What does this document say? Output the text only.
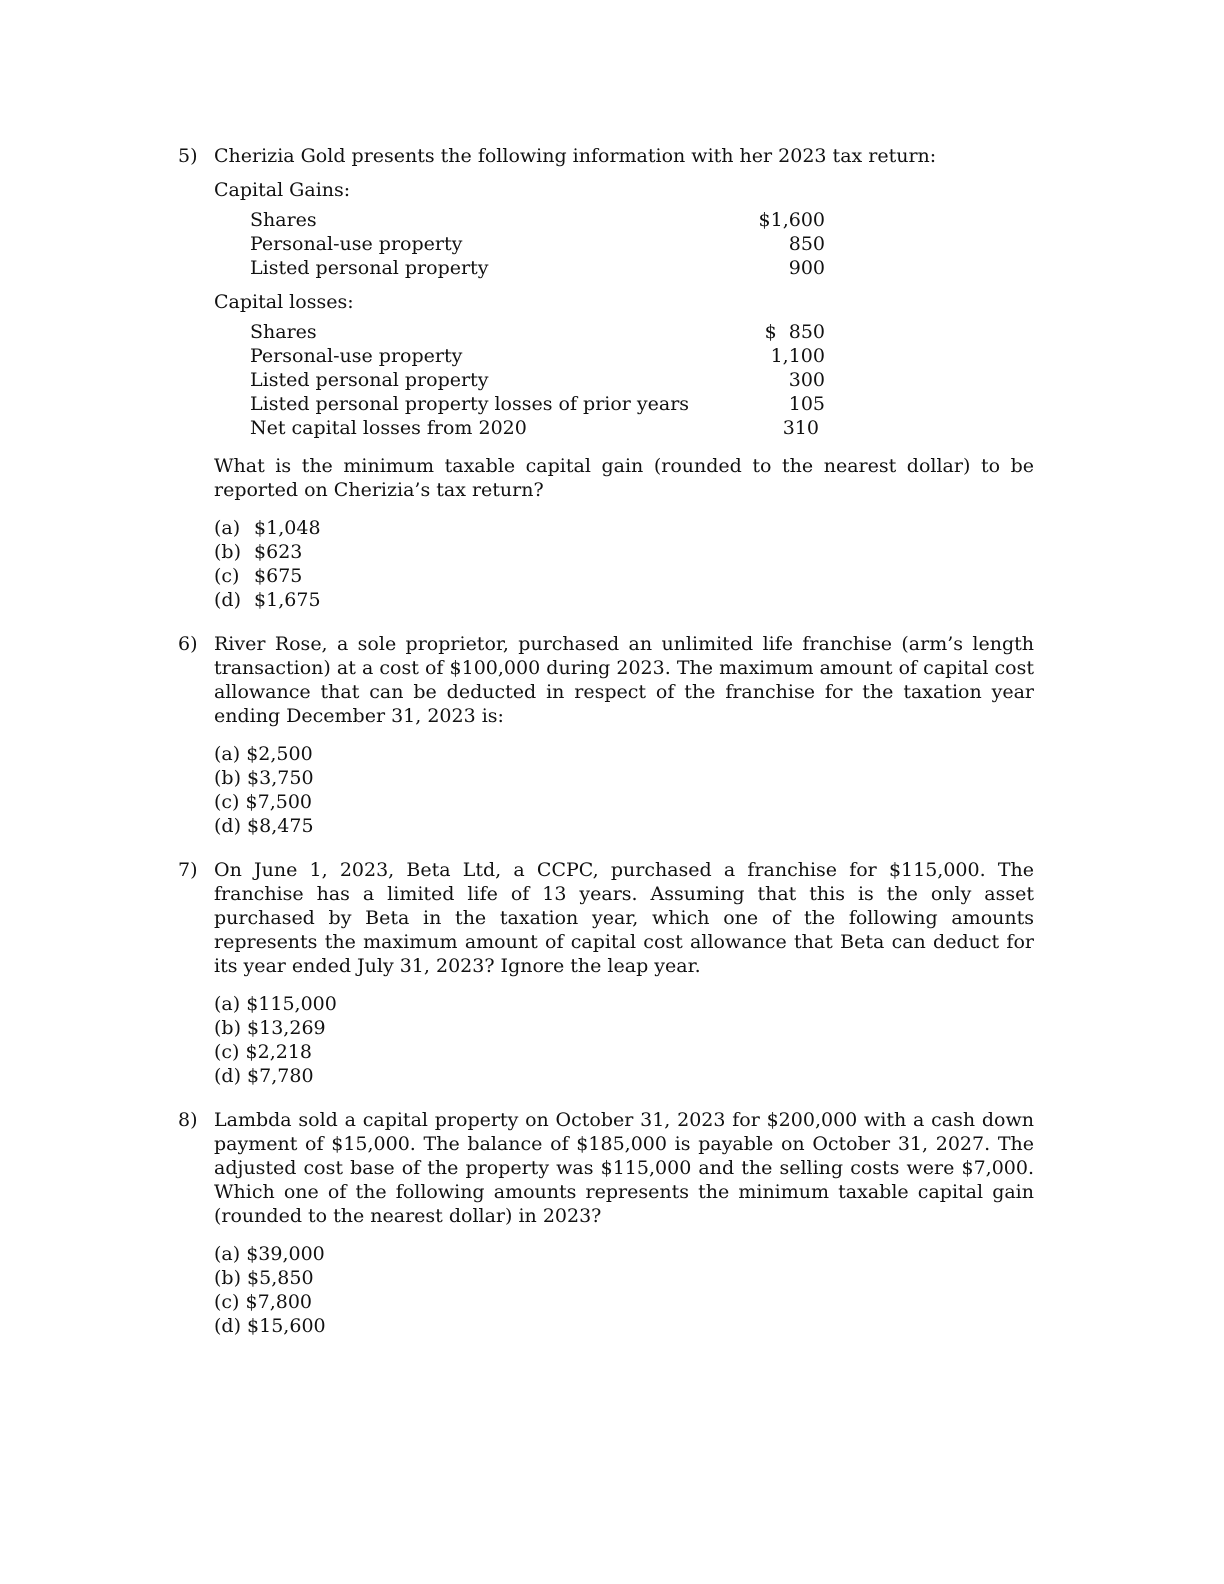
5) Cherizia Gold presents the following information with her 2023 tax return:
Capital Gains:
Shares	$1,600
Personal-use property	850
Listed personal property	900
Capital losses:
Shares	$  850
Personal-use property	1,100
Listed personal property	300
Listed personal property losses of prior years	105
Net capital losses from 2020	310
What is the minimum taxable capital gain (rounded to the nearest dollar) to be reported on Cherizia’s tax return?
(a) $1,048
(b) $623
(c) $675
(d) $1,675
6) River Rose, a sole proprietor, purchased an unlimited life franchise (arm’s length transaction) at a cost of $100,000 during 2023. The maximum amount of capital cost allowance that can be deducted in respect of the franchise for the taxation year ending December 31, 2023 is:
(a) $2,500
(b) $3,750
(c) $7,500
(d) $8,475
7) On June 1, 2023, Beta Ltd, a CCPC, purchased a franchise for $115,000. The franchise has a limited life of 13 years. Assuming that this is the only asset purchased by Beta in the taxation year, which one of the following amounts represents the maximum amount of capital cost allowance that Beta can deduct for its year ended July 31, 2023? Ignore the leap year.
(a) $115,000
(b) $13,269
(c) $2,218
(d) $7,780
8) Lambda sold a capital property on October 31, 2023 for $200,000 with a cash down payment of $15,000. The balance of $185,000 is payable on October 31, 2027. The adjusted cost base of the property was $115,000 and the selling costs were $7,000. Which one of the following amounts represents the minimum taxable capital gain (rounded to the nearest dollar) in 2023?
(a) $39,000
(b) $5,850
(c) $7,800
(d) $15,600
